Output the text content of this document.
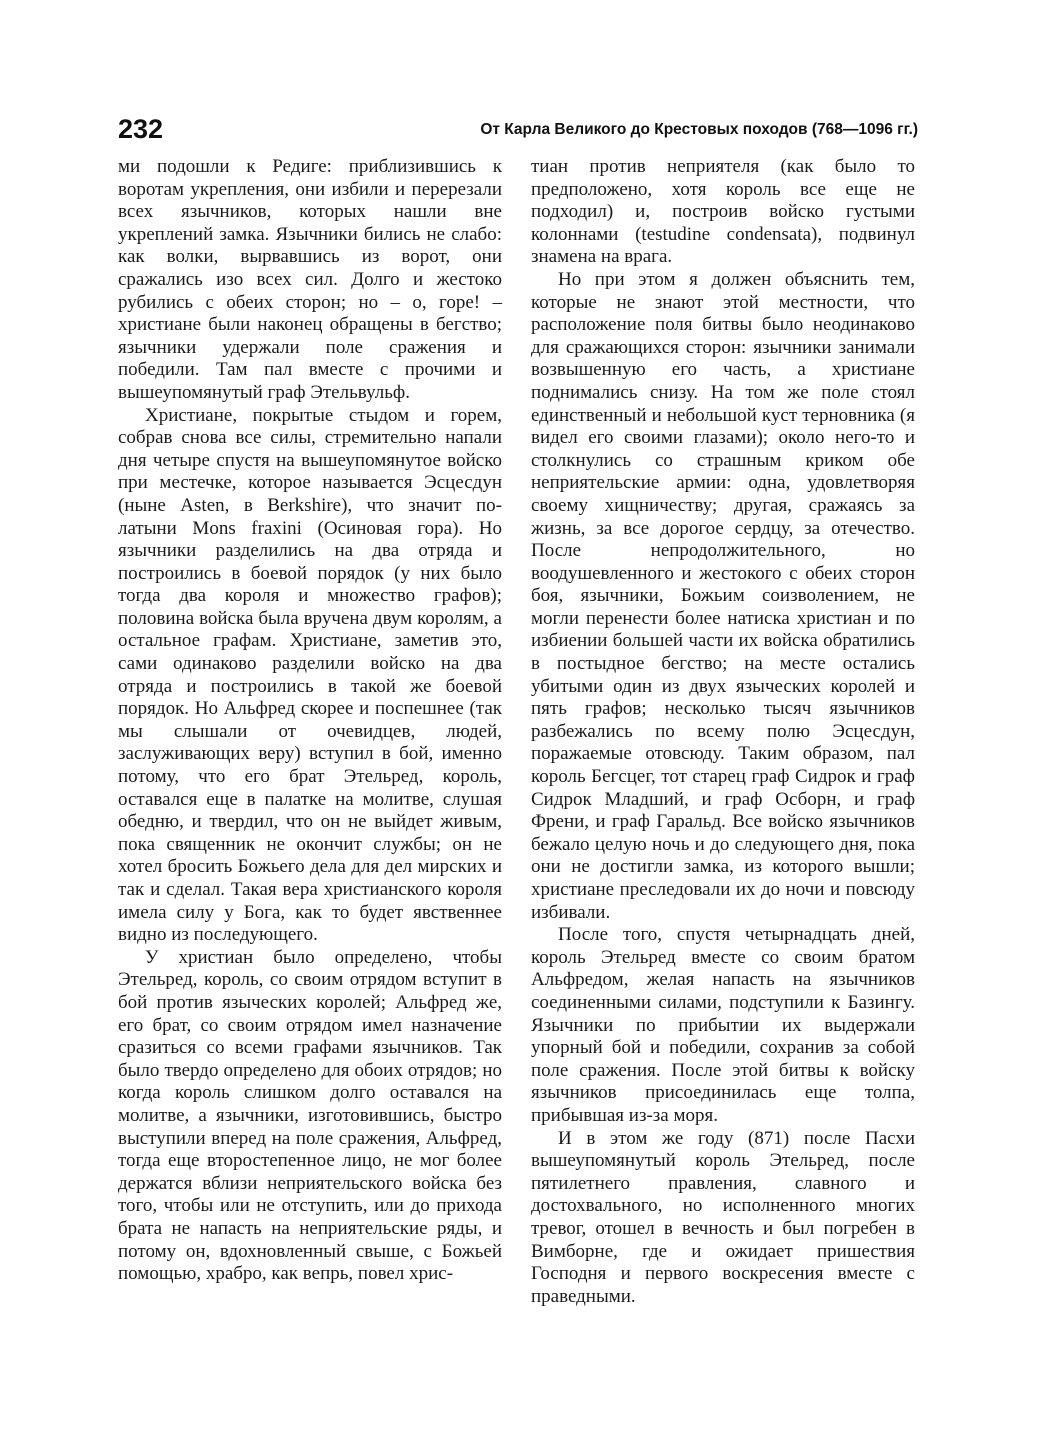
232	От Карла Великого до Крестовых походов (768—1096 гг.)

ми подошли к Редиге: приблизившись к воротам укрепления, они избили и перерезали всех язычников, которых нашли вне укреплений замка. Язычники бились не слабо: как волки, вырвавшись из ворот, они сражались изо всех сил. Долго и жестоко рубились с обеих сторон; но – о, горе! – христиане были наконец обращены в бегство; язычники удержали поле сражения и победили. Там пал вместе с прочими и вышеупомянутый граф Этельвульф.

Христиане, покрытые стыдом и горем, собрав снова все силы, стремительно напали дня четыре спустя на вышеупомянутое войско при местечке, которое называется Эсцесдун (ныне Asten, в Berkshire), что значит по-латыни Mons fraxini (Осиновая гора). Но язычники разделились на два отряда и построились в боевой порядок (у них было тогда два короля и множество графов); половина войска была вручена двум королям, а остальное графам. Христиане, заметив это, сами одинаково разделили войско на два отряда и построились в такой же боевой порядок. Но Альфред скорее и поспешнее (так мы слышали от очевидцев, людей, заслуживающих веру) вступил в бой, именно потому, что его брат Этельред, король, оставался еще в палатке на молитве, слушая обедню, и твердил, что он не выйдет живым, пока священник не окончит службы; он не хотел бросить Божьего дела для дел мирских и так и сделал. Такая вера христианского короля имела силу у Бога, как то будет явственнее видно из последующего.

У христиан было определено, чтобы Этельред, король, со своим отрядом вступит в бой против языческих королей; Альфред же, его брат, со своим отрядом имел назначение сразиться со всеми графами язычников. Так было твердо определено для обоих отрядов; но когда король слишком долго оставался на молитве, а язычники, изготовившись, быстро выступили вперед на поле сражения, Альфред, тогда еще второстепенное лицо, не мог более держатся вблизи неприятельского войска без того, чтобы или не отступить, или до прихода брата не напасть на неприятельские ряды, и потому он, вдохновленный свыше, с Божьей помощью, храбро, как вепрь, повел хрис-

тиан против неприятеля (как было то предположено, хотя король все еще не подходил) и, построив войско густыми колоннами (testudine condensata), подвинул знамена на врага.

Но при этом я должен объяснить тем, которые не знают этой местности, что расположение поля битвы было неодинаково для сражающихся сторон: язычники занимали возвышенную его часть, а христиане поднимались снизу. На том же поле стоял единственный и небольшой куст терновника (я видел его своими глазами); около него-то и столкнулись со страшным криком обе неприятельские армии: одна, удовлетворяя своему хищничеству; другая, сражаясь за жизнь, за все дорогое сердцу, за отечество. После непродолжительного, но воодушевленного и жестокого с обеих сторон боя, язычники, Божьим соизволением, не могли перенести более натиска христиан и по избиении большей части их войска обратились в постыдное бегство; на месте остались убитыми один из двух языческих королей и пять графов; несколько тысяч язычников разбежались по всему полю Эсцесдун, поражаемые отовсюду. Таким образом, пал король Бегсцег, тот старец граф Сидрок и граф Сидрок Младший, и граф Осборн, и граф Френи, и граф Гаральд. Все войско язычников бежало целую ночь и до следующего дня, пока они не достигли замка, из которого вышли; христиане преследовали их до ночи и повсюду избивали.

После того, спустя четырнадцать дней, король Этельред вместе со своим братом Альфредом, желая напасть на язычников соединенными силами, подступили к Базингу. Язычники по прибытии их выдержали упорный бой и победили, сохранив за собой поле сражения. После этой битвы к войску язычников присоединилась еще толпа, прибывшая из-за моря.

И в этом же году (871) после Пасхи вышеупомянутый король Этельред, после пятилетнего правления, славного и достохвального, но исполненного многих тревог, отошел в вечность и был погребен в Вимборне, где и ожидает пришествия Господня и первого воскресения вместе с праведными.
